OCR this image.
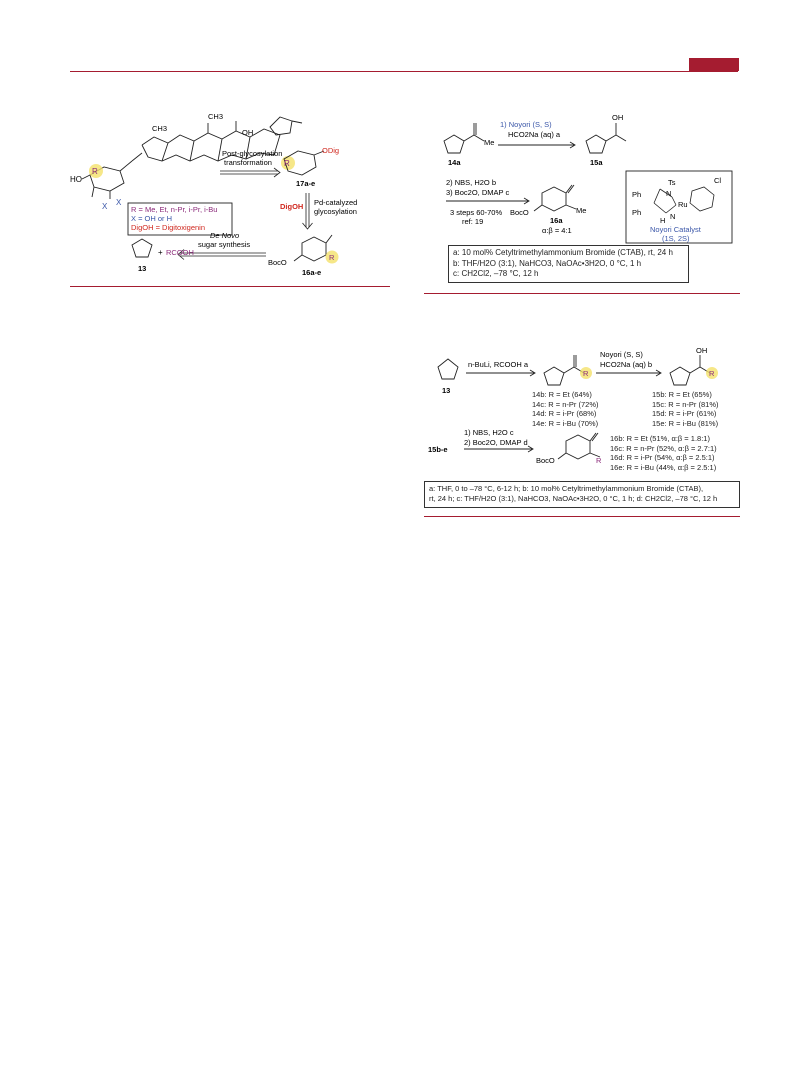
R
HO
X X
CH3
CH3
OH
R = Me, Et, n-Pr, i-Pr, i-Bu
X = OH or H
DigOH = Digitoxigenin
Post-glycosylation
transformation R
ODig
17a-e
Pd-catalyzed
glycosylation
DigOH
R
BocO
16a-e
De Novo
sugar synthesis
13
+ RCOOH
1) Noyori (S, S)
HCO2Na (aq) a
Me
14a
OH
15a
2) NBS, H2O b
3) Boc2O, DMAP c
3 steps 60-70%
ref: 19
BocO	Me
16a
α:β = 4:1
Ts
N
Ph
Ph
Ru
N
H
Cl
Noyori Catalyst
(1S, 2S)
a: 10 mol% Cetyltrimethylammonium Bromide (CTAB), rt, 24 h
b: THF/H2O (3:1), NaHCO3, NaOAc•3H2O, 0 °C, 1 h
c: CH2Cl2, –78 °C, 12 h
13
n-BuLi, RCOOH a
Noyori (S, S)
HCO2Na (aq) b
R	R
OH
1) NBS, H2O c
2) Boc2O, DMAP d
15b-e
BocO	R
14b: R = Et (64%)
14c: R = n-Pr (72%)
14d: R = i-Pr (68%)
14e: R = i-Bu (70%)
15b: R = Et (65%)
15c: R = n-Pr (81%)
15d: R = i-Pr (61%)
15e: R = i-Bu (81%)
16b: R = Et (51%, α:β = 1.8:1)
16c: R = n-Pr (52%, α:β = 2.7:1)
16d: R = i-Pr (54%, α:β = 2.5:1)
16e: R = i-Bu (44%, α:β = 2.5:1)
a: THF, 0 to –78 °C, 6-12 h; b: 10 mol% Cetyltrimethylammonium Bromide (CTAB),
rt, 24 h; c: THF/H2O (3:1), NaHCO3, NaOAc•3H2O, 0 °C, 1 h; d: CH2Cl2, –78 °C, 12 h
